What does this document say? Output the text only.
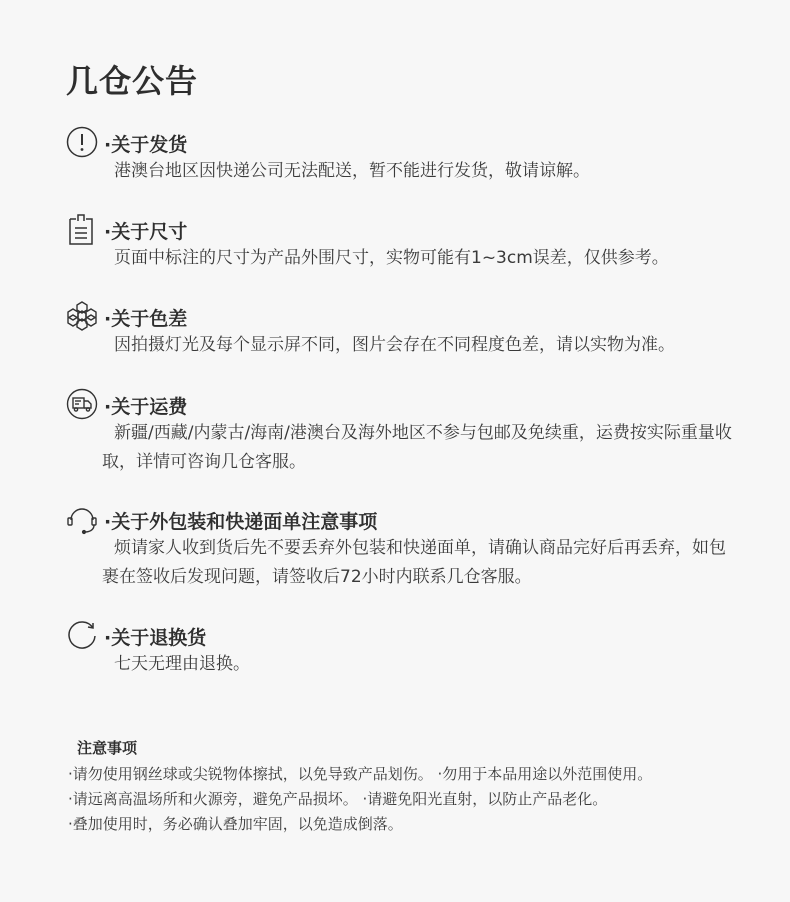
几仓公告
·关于发货
港澳台地区因快递公司无法配送，暂不能进行发货，敬请谅解。
·关于尺寸
页面中标注的尺寸为产品外围尺寸，实物可能有1~3cm误差，仅供参考。
·关于色差
因拍摄灯光及每个显示屏不同，图片会存在不同程度色差，请以实物为准。
·关于运费
新疆/西藏/内蒙古/海南/港澳台及海外地区不参与包邮及免续重，运费按实际重量收取，详情可咨询几仓客服。
·关于外包装和快递面单注意事项
烦请家人收到货后先不要丢弃外包装和快递面单，请确认商品完好后再丢弃，如包裹在签收后发现问题，请签收后72小时内联系几仓客服。
·关于退换货
七天无理由退换。
注意事项
·请勿使用钢丝球或尖锐物体擦拭，以免导致产品划伤。 ·勿用于本品用途以外范围使用。
·请远离高温场所和火源旁，避免产品损坏。 ·请避免阳光直射，以防止产品老化。
·叠加使用时，务必确认叠加牢固，以免造成倒落。
